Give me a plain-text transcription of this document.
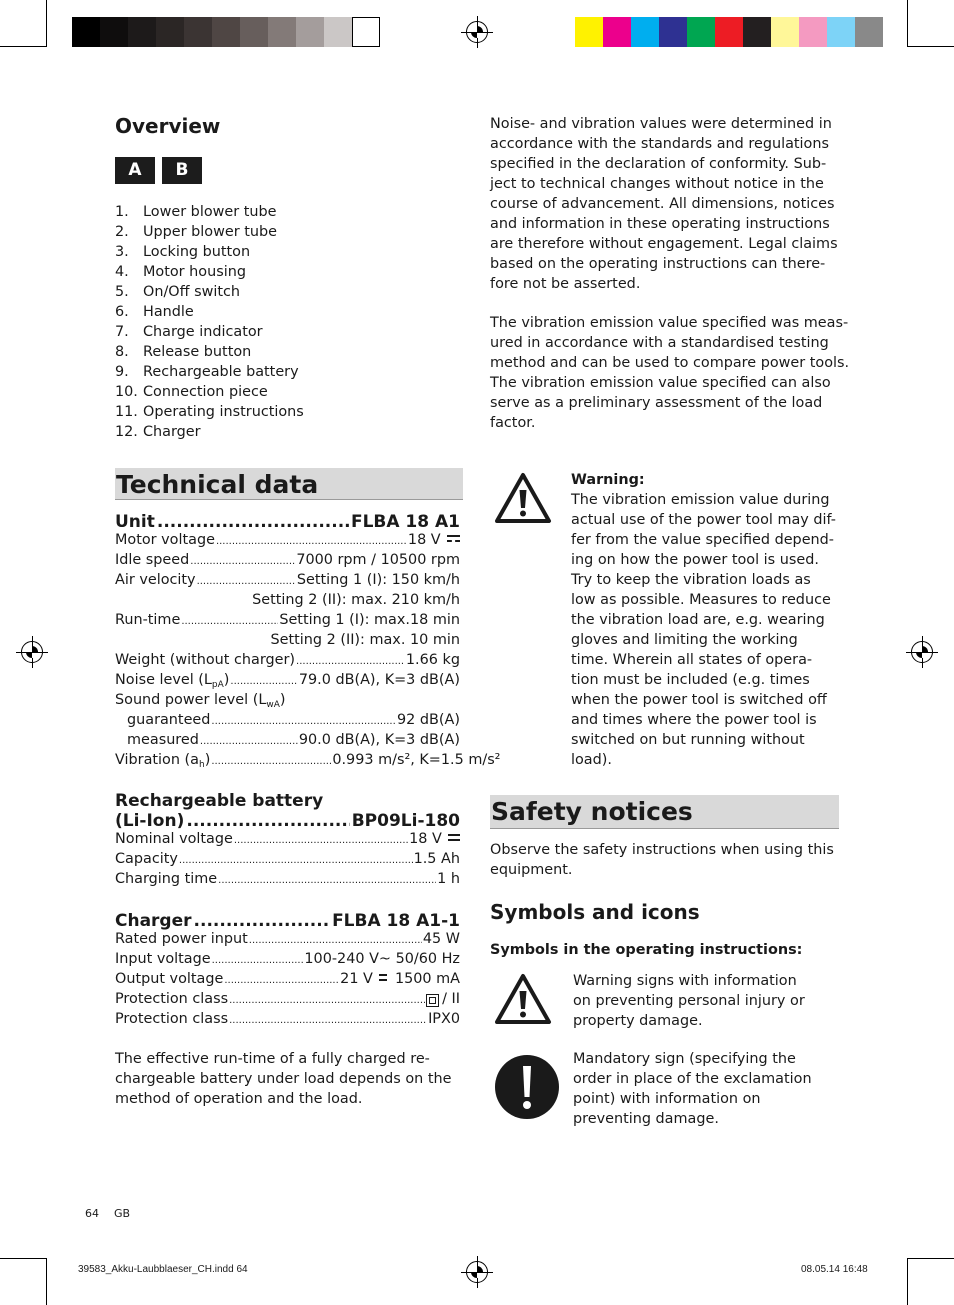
Overview
A	B
1. Lower blower tube
2. Upper blower tube
3. Locking button
4. Motor housing
5. On/Off switch
6. Handle
7. Charge indicator
8. Release button
9. Rechargeable battery
10. Connection piece
11. Operating instructions
12. Charger
Technical data
Unit .....	FLBA 18 A1
Motor voltage .....	18 V
Idle speed .....	7000 rpm / 10500 rpm
Air velocity .....	Setting 1 (I): 150 km/h
Setting 2 (II): max. 210 km/h
Run-time .....	Setting 1 (I): max.18 min
Setting 2 (II): max. 10 min
Weight (without charger) .....	1.66 kg
Noise level $(L_{pA})$ .....	79.0 dB(A), K=3 dB(A)
Sound power level $(L_{wA})$
guaranteed .....	92 dB(A)
measured .....	90.0 dB(A), K=3 dB(A)
Vibration $(a_h)$ .....	0.993 m/s², K=1.5 m/s²
Rechargeable battery
(Li-Ion) .....	BP09Li-180
Nominal voltage .....	18 V
Capacity .....	1.5 Ah
Charging time .....	1 h
Charger .....	FLBA 18 A1-1
Rated power input .....	45 W
Input voltage .....	100-240 V~ 50/60 Hz
Output voltage .....	21 V 1500 mA
Protection class .....	/ II
Protection class .....	IPX0
The effective run-time of a fully charged re-
chargeable battery under load depends on the
method of operation and the load.
Noise- and vibration values were determined in
accordance with the standards and regulations
specified in the declaration of conformity. Sub-
ject to technical changes without notice in the
course of advancement. All dimensions, notices
and information in these operating instructions
are therefore without engagement. Legal claims
based on the operating instructions can there-
fore not be asserted.
The vibration emission value specified was meas-
ured in accordance with a standardised testing
method and can be used to compare power tools.
The vibration emission value specified can also
serve as a preliminary assessment of the load
factor.
Warning:
The vibration emission value during
actual use of the power tool may dif-
fer from the value specified depend-
ing on how the power tool is used.
Try to keep the vibration loads as
low as possible. Measures to reduce
the vibration load are, e.g. wearing
gloves and limiting the working
time. Wherein all states of opera-
tion must be included (e.g. times
when the power tool is switched off
and times where the power tool is
switched on but running without
load).
Safety notices
Observe the safety instructions when using this
equipment.
Symbols and icons
Symbols in the operating instructions:
Warning signs with information
on preventing personal injury or
property damage.
Mandatory sign (specifying the
order in place of the exclamation
point) with information on
preventing damage.
64 GB
39583_Akku-Laubblaeser_CH.indd 64	08.05.14 16:48
